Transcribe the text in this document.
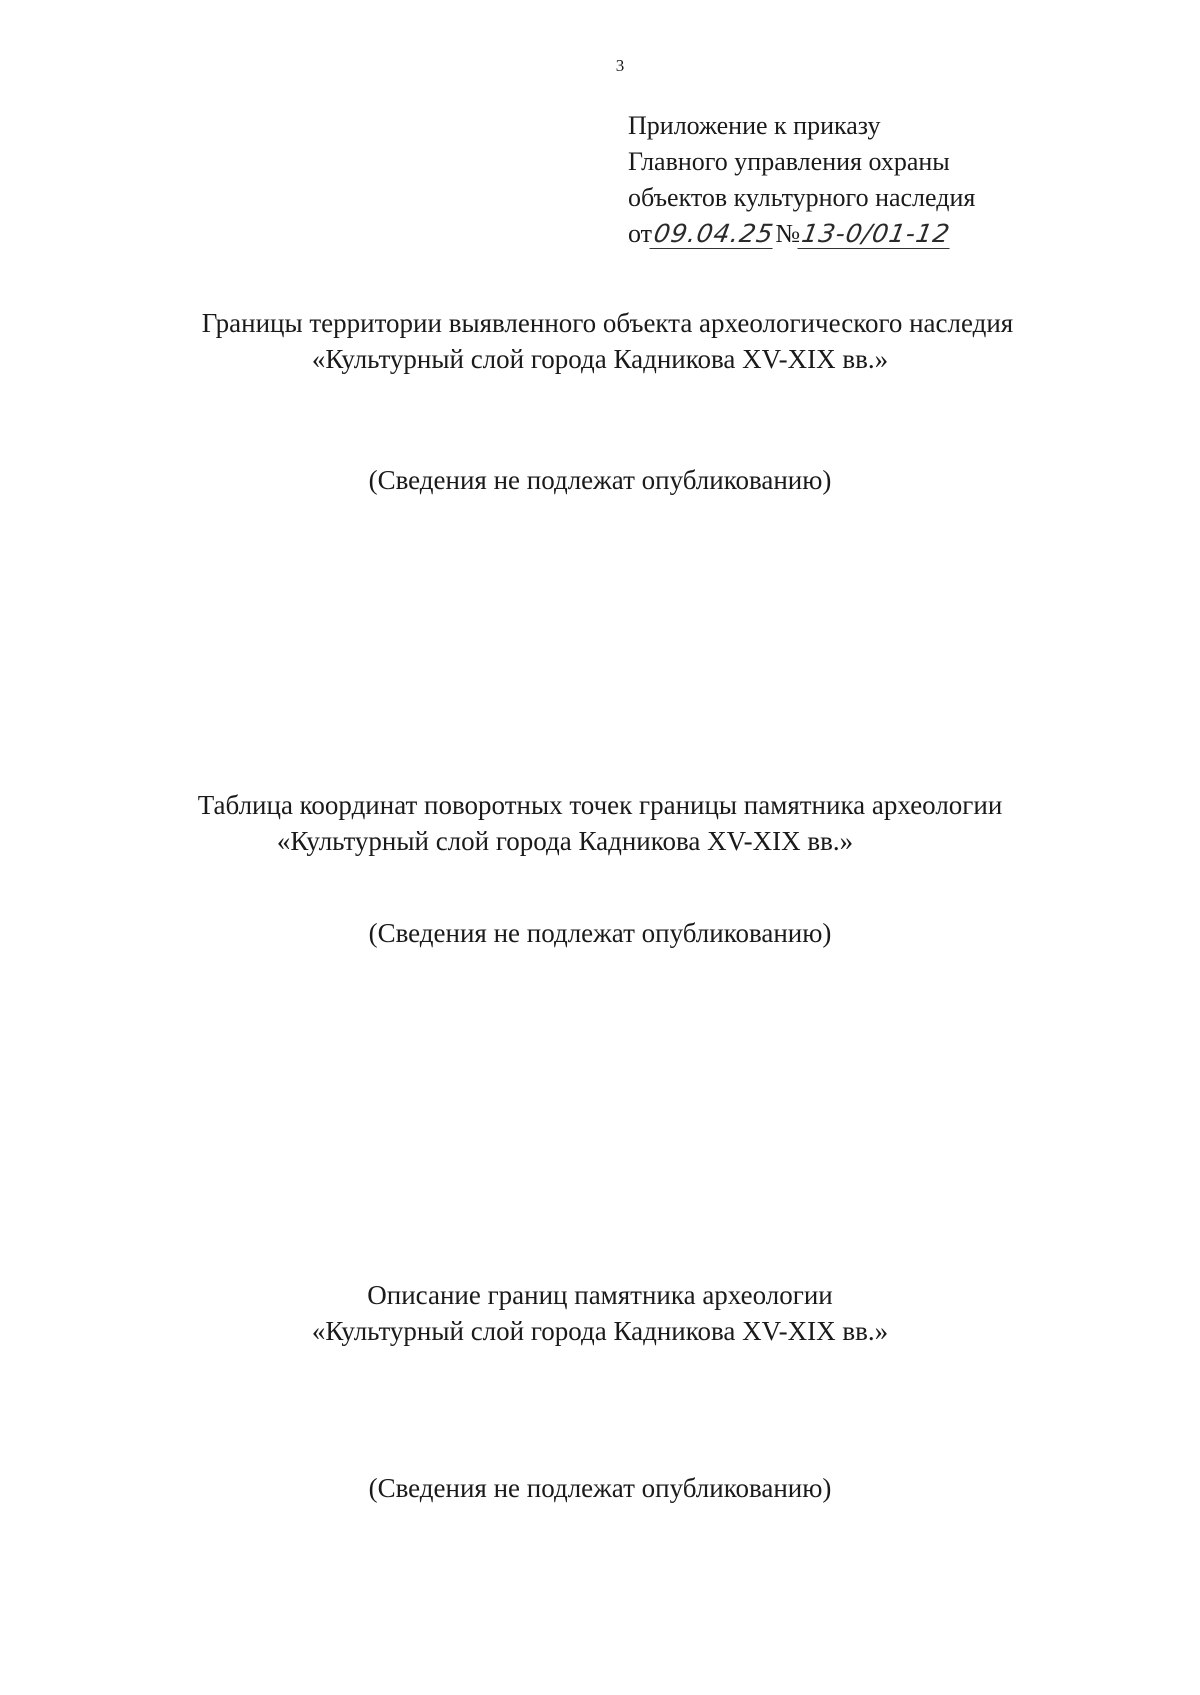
3
Приложение к приказу
Главного управления охраны
объектов культурного наследия
от09.04.25№13-0/01-12
Границы территории выявленного объекта археологического наследия
«Культурный слой города Кадникова XV-XIX вв.»
(Сведения не подлежат опубликованию)
Таблица координат поворотных точек границы памятника археологии
«Культурный слой города Кадникова XV-XIX вв.»
(Сведения не подлежат опубликованию)
Описание границ памятника археологии
«Культурный слой города Кадникова XV-XIX вв.»
(Сведения не подлежат опубликованию)
